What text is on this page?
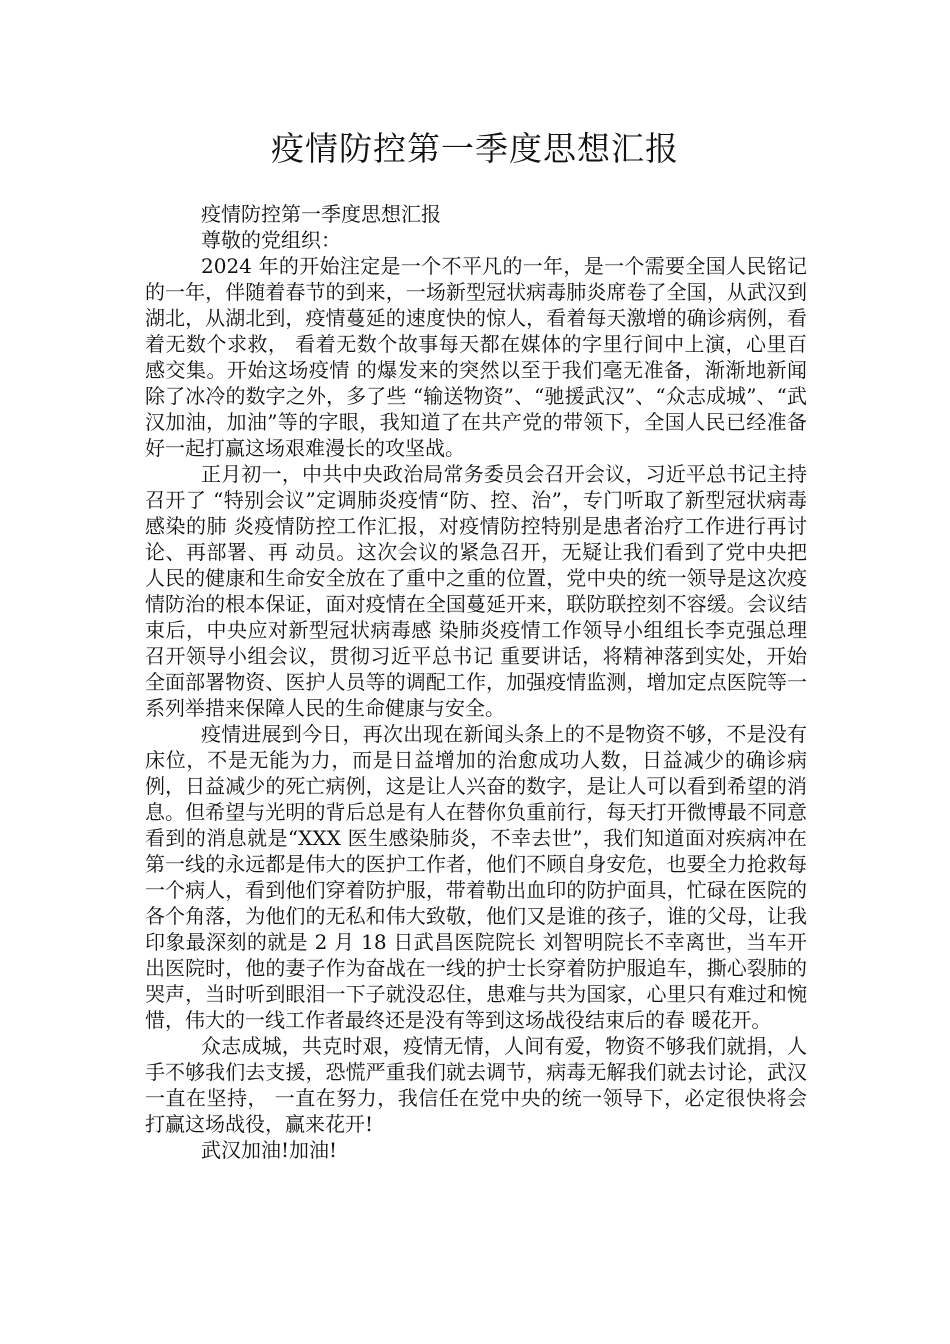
疫情防控第一季度思想汇报

疫情防控第一季度思想汇报

尊敬的党组织：

2024 年的开始注定是一个不平凡的一年，是一个需要全国人民铭记的一年，伴随着春节的到来，一场新型冠状病毒肺炎席卷了全国，从武汉到湖北，从湖北到，疫情蔓延的速度快的惊人，看着每天激增的确诊病例，看着无数个求救， 看着无数个故事每天都在媒体的字里行间中上演，心里百感交集。开始这场疫情 的爆发来的突然以至于我们毫无准备，渐渐地新闻除了冰冷的数字之外，多了些 “输送物资”、“驰援武汉”、“众志成城”、“武汉加油，加油”等的字眼，我知道了在共产党的带领下，全国人民已经准备好一起打赢这场艰难漫长的攻坚战。

正月初一，中共中央政治局常务委员会召开会议，习近平总书记主持召开了 “特别会议”定调肺炎疫情“防、控、治”，专门听取了新型冠状病毒感染的肺 炎疫情防控工作汇报，对疫情防控特别是患者治疗工作进行再讨论、再部署、再 动员。这次会议的紧急召开，无疑让我们看到了党中央把人民的健康和生命安全放在了重中之重的位置，党中央的统一领导是这次疫情防治的根本保证，面对疫情在全国蔓延开来，联防联控刻不容缓。会议结束后，中央应对新型冠状病毒感 染肺炎疫情工作领导小组组长李克强总理召开领导小组会议，贯彻习近平总书记 重要讲话，将精神落到实处，开始全面部署物资、医护人员等的调配工作，加强疫情监测，增加定点医院等一系列举措来保障人民的生命健康与安全。

疫情进展到今日，再次出现在新闻头条上的不是物资不够，不是没有床位，不是无能为力，而是日益增加的治愈成功人数，日益减少的确诊病例，日益减少的死亡病例，这是让人兴奋的数字，是让人可以看到希望的消息。但希望与光明的背后总是有人在替你负重前行，每天打开微博最不同意看到的消息就是“XXX 医生感染肺炎，不幸去世”，我们知道面对疾病冲在第一线的永远都是伟大的医护工作者，他们不顾自身安危，也要全力抢救每一个病人，看到他们穿着防护服，带着勒出血印的防护面具，忙碌在医院的各个角落，为他们的无私和伟大致敬，他们又是谁的孩子，谁的父母，让我印象最深刻的就是 2 月 18 日武昌医院院长 刘智明院长不幸离世，当车开出医院时，他的妻子作为奋战在一线的护士长穿着防护服追车，撕心裂肺的哭声，当时听到眼泪一下子就没忍住，患难与共为国家，心里只有难过和惋惜，伟大的一线工作者最终还是没有等到这场战役结束后的春 暖花开。

众志成城，共克时艰，疫情无情，人间有爱，物资不够我们就捐，人手不够我们去支援，恐慌严重我们就去调节，病毒无解我们就去讨论，武汉一直在坚持， 一直在努力，我信任在党中央的统一领导下，必定很快将会打赢这场战役，赢来花开!

武汉加油!加油!
